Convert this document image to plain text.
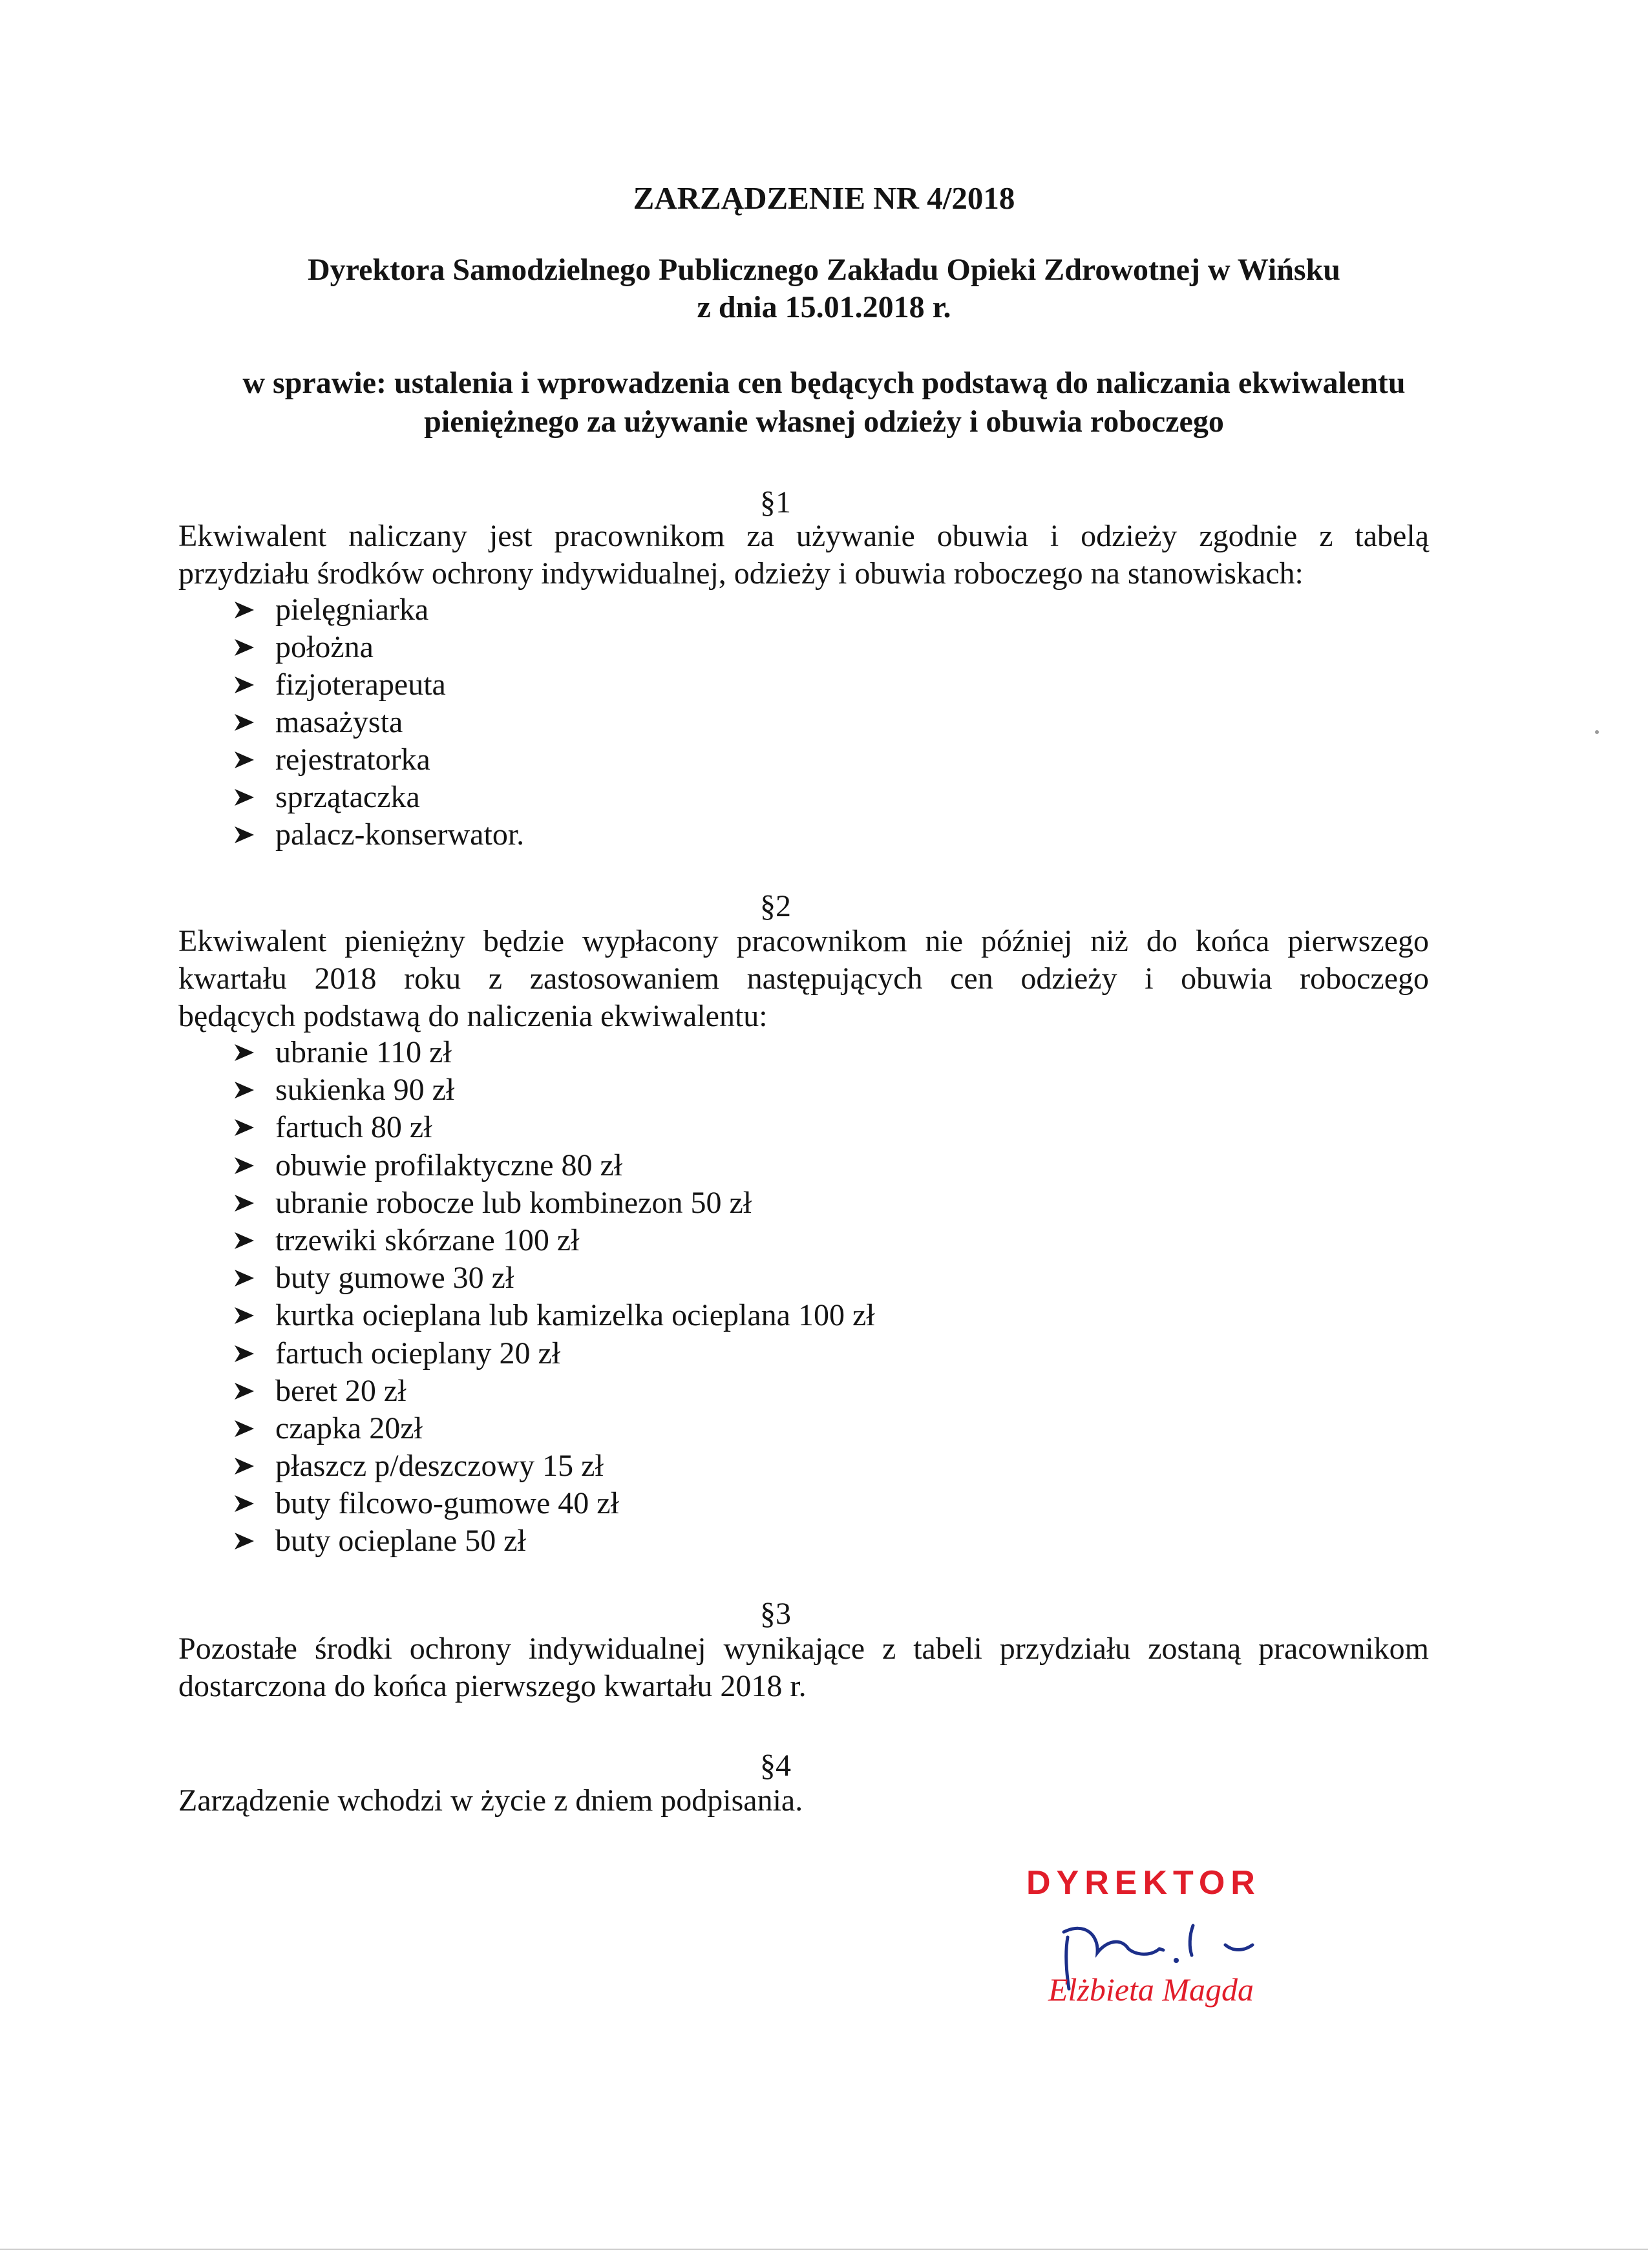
ZARZĄDZENIE NR 4/2018
Dyrektora Samodzielnego Publicznego Zakładu Opieki Zdrowotnej w Wińsku
z dnia 15.01.2018 r.
w sprawie: ustalenia i wprowadzenia cen będących podstawą do naliczania ekwiwalentu
pieniężnego za używanie własnej odzieży i obuwia roboczego
§1
Ekwiwalent naliczany jest pracownikom za używanie obuwia i odzieży zgodnie z tabelą
przydziału środków ochrony indywidualnej, odzieży i obuwia roboczego na stanowiskach:
pielęgniarka
położna
fizjoterapeuta
masażysta
rejestratorka
sprzątaczka
palacz-konserwator.
§2
Ekwiwalent pieniężny będzie wypłacony pracownikom nie później niż do końca pierwszego
kwartału 2018 roku z zastosowaniem następujących cen odzieży i obuwia roboczego
będących podstawą do naliczenia ekwiwalentu:
ubranie 110 zł
sukienka 90 zł
fartuch 80 zł
obuwie profilaktyczne 80 zł
ubranie robocze lub kombinezon 50 zł
trzewiki skórzane 100 zł
buty gumowe 30 zł
kurtka ocieplana lub kamizelka ocieplana 100 zł
fartuch ocieplany 20 zł
beret 20 zł
czapka 20zł
płaszcz p/deszczowy 15 zł
buty filcowo-gumowe 40 zł
buty ocieplane 50 zł
§3
Pozostałe środki ochrony indywidualnej wynikające z tabeli przydziału zostaną pracownikom
dostarczona do końca pierwszego kwartału 2018 r.
§4
Zarządzenie wchodzi w życie z dniem podpisania.
DYREKTOR
Elżbieta Magda
